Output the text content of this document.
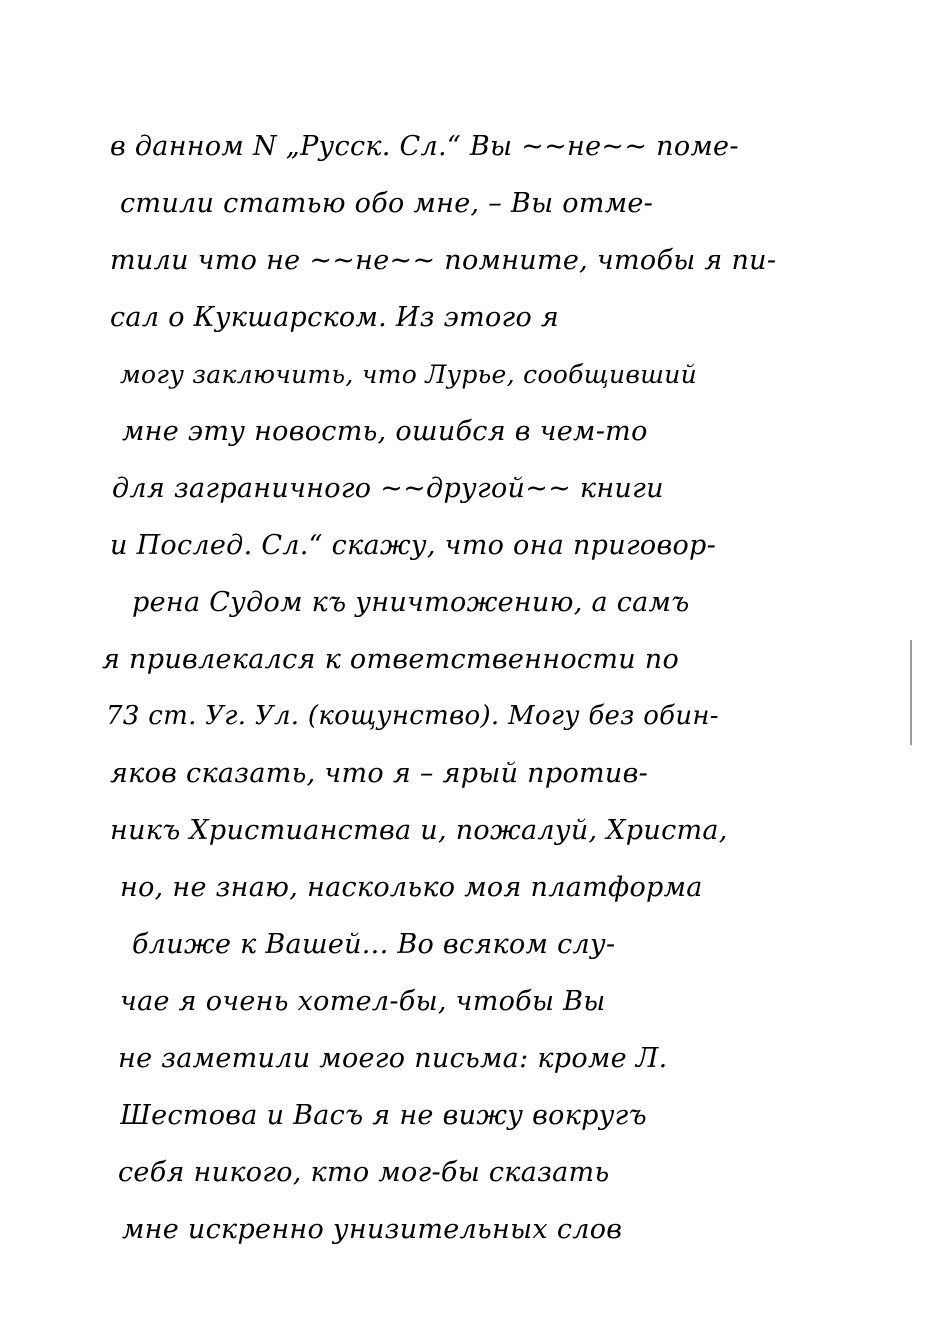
в данном N „Русск. Сл.“ Вы ~~не~~ поме-
стили статью обо мне, – Вы отме-
тили что не ~~не~~ помните, чтобы я пи-
сал о Кукшарском. Из этого я
могу заключить, что Лурье, сообщивший
мне эту новость, ошибся в чем-то
для заграничного ~~другой~~ книги
и Послед. Сл.“ скажу, что она приговор-
рена Судом къ уничтожению, а самъ
я привлекался к ответственности по
73 ст. Уг. Ул. (кощунство). Могу без обин-
яков сказать, что я – ярый против-
никъ Христианства и, пожалуй, Христа,
но, не знаю, насколько моя платформа
ближе к Вашей... Во всяком слу-
чае я очень хотел-бы, чтобы Вы
не заметили моего письма: кроме Л.
Шестова и Васъ я не вижу вокругъ
себя никого, кто мог-бы сказать
мне искренно унизительных слов
